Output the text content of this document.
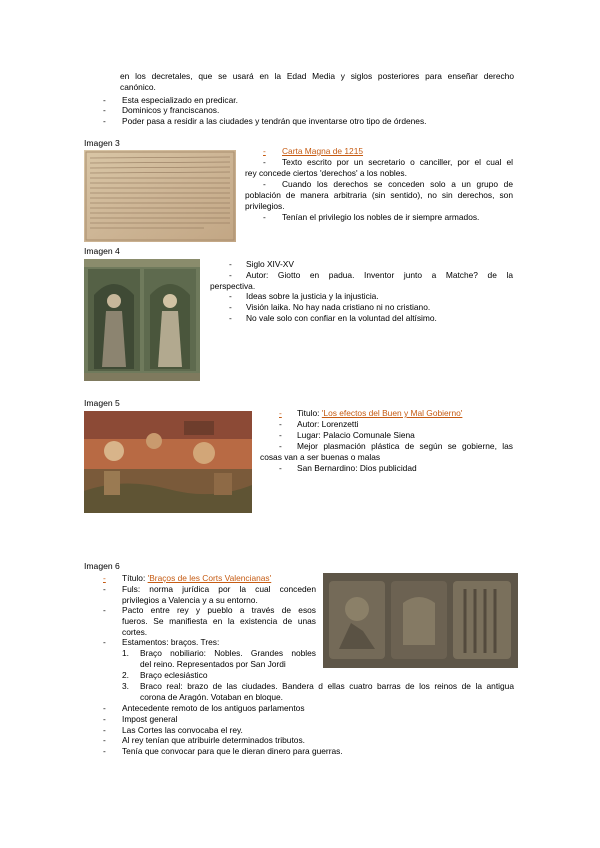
en los decretales, que se usará en la Edad Media y siglos posteriores para enseñar derecho
canónico.
- Esta especializado en predicar.
- Dominicos y franciscanos.
- Poder pasa a residir a las ciudades y tendrán que inventarse otro tipo de órdenes.
Imagen 3
- Carta Magna de 1215
- Texto escrito por un secretario o canciller, por el cual el
rey concede ciertos 'derechos' a los nobles.
- Cuando los derechos se conceden solo a un grupo de
población de manera arbitraria (sin sentido), no sin derechos, son
privilegios.
- Tenían el privilegio los nobles de ir siempre armados.
Imagen 4
- Siglo XIV-XV
- Autor: Giotto en padua. Inventor junto a Matche? de la
perspectiva.
- Ideas sobre la justicia y la injusticia.
- Visión laika. No hay nada cristiano ni no cristiano.
- No vale solo con confiar en la voluntad del altísimo.
Imagen 5
- Titulo: 'Los efectos del Buen y Mal Gobierno'
- Autor: Lorenzetti
- Lugar: Palacio Comunale Siena
- Mejor plasmación plástica de según se gobierne, las
cosas van a ser buenas o malas
- San Bernardino: Dios publicidad
Imagen 6
- Título: 'Braços de les Corts Valencianas'
- Fuls: norma jurídica por la cual conceden
privilegios a Valencia y a su entorno.
- Pacto entre rey y pueblo a través de esos
fueros. Se manifiesta en la existencia de unas
cortes.
- Estamentos: braços. Tres:
1. Braço nobiliario: Nobles. Grandes nobles
del reino. Representados por San Jordi
2. Braço eclesiástico
3. Braco real: brazo de las ciudades. Bandera d ellas cuatro barras de los reinos de la antigua
corona de Aragón. Votaban en bloque.
- Antecedente remoto de los antiguos parlamentos
- Impost general
- Las Cortes las convocaba el rey.
- Al rey tenían que atribuirle determinados tributos.
- Tenía que convocar para que le dieran dinero para guerras.
